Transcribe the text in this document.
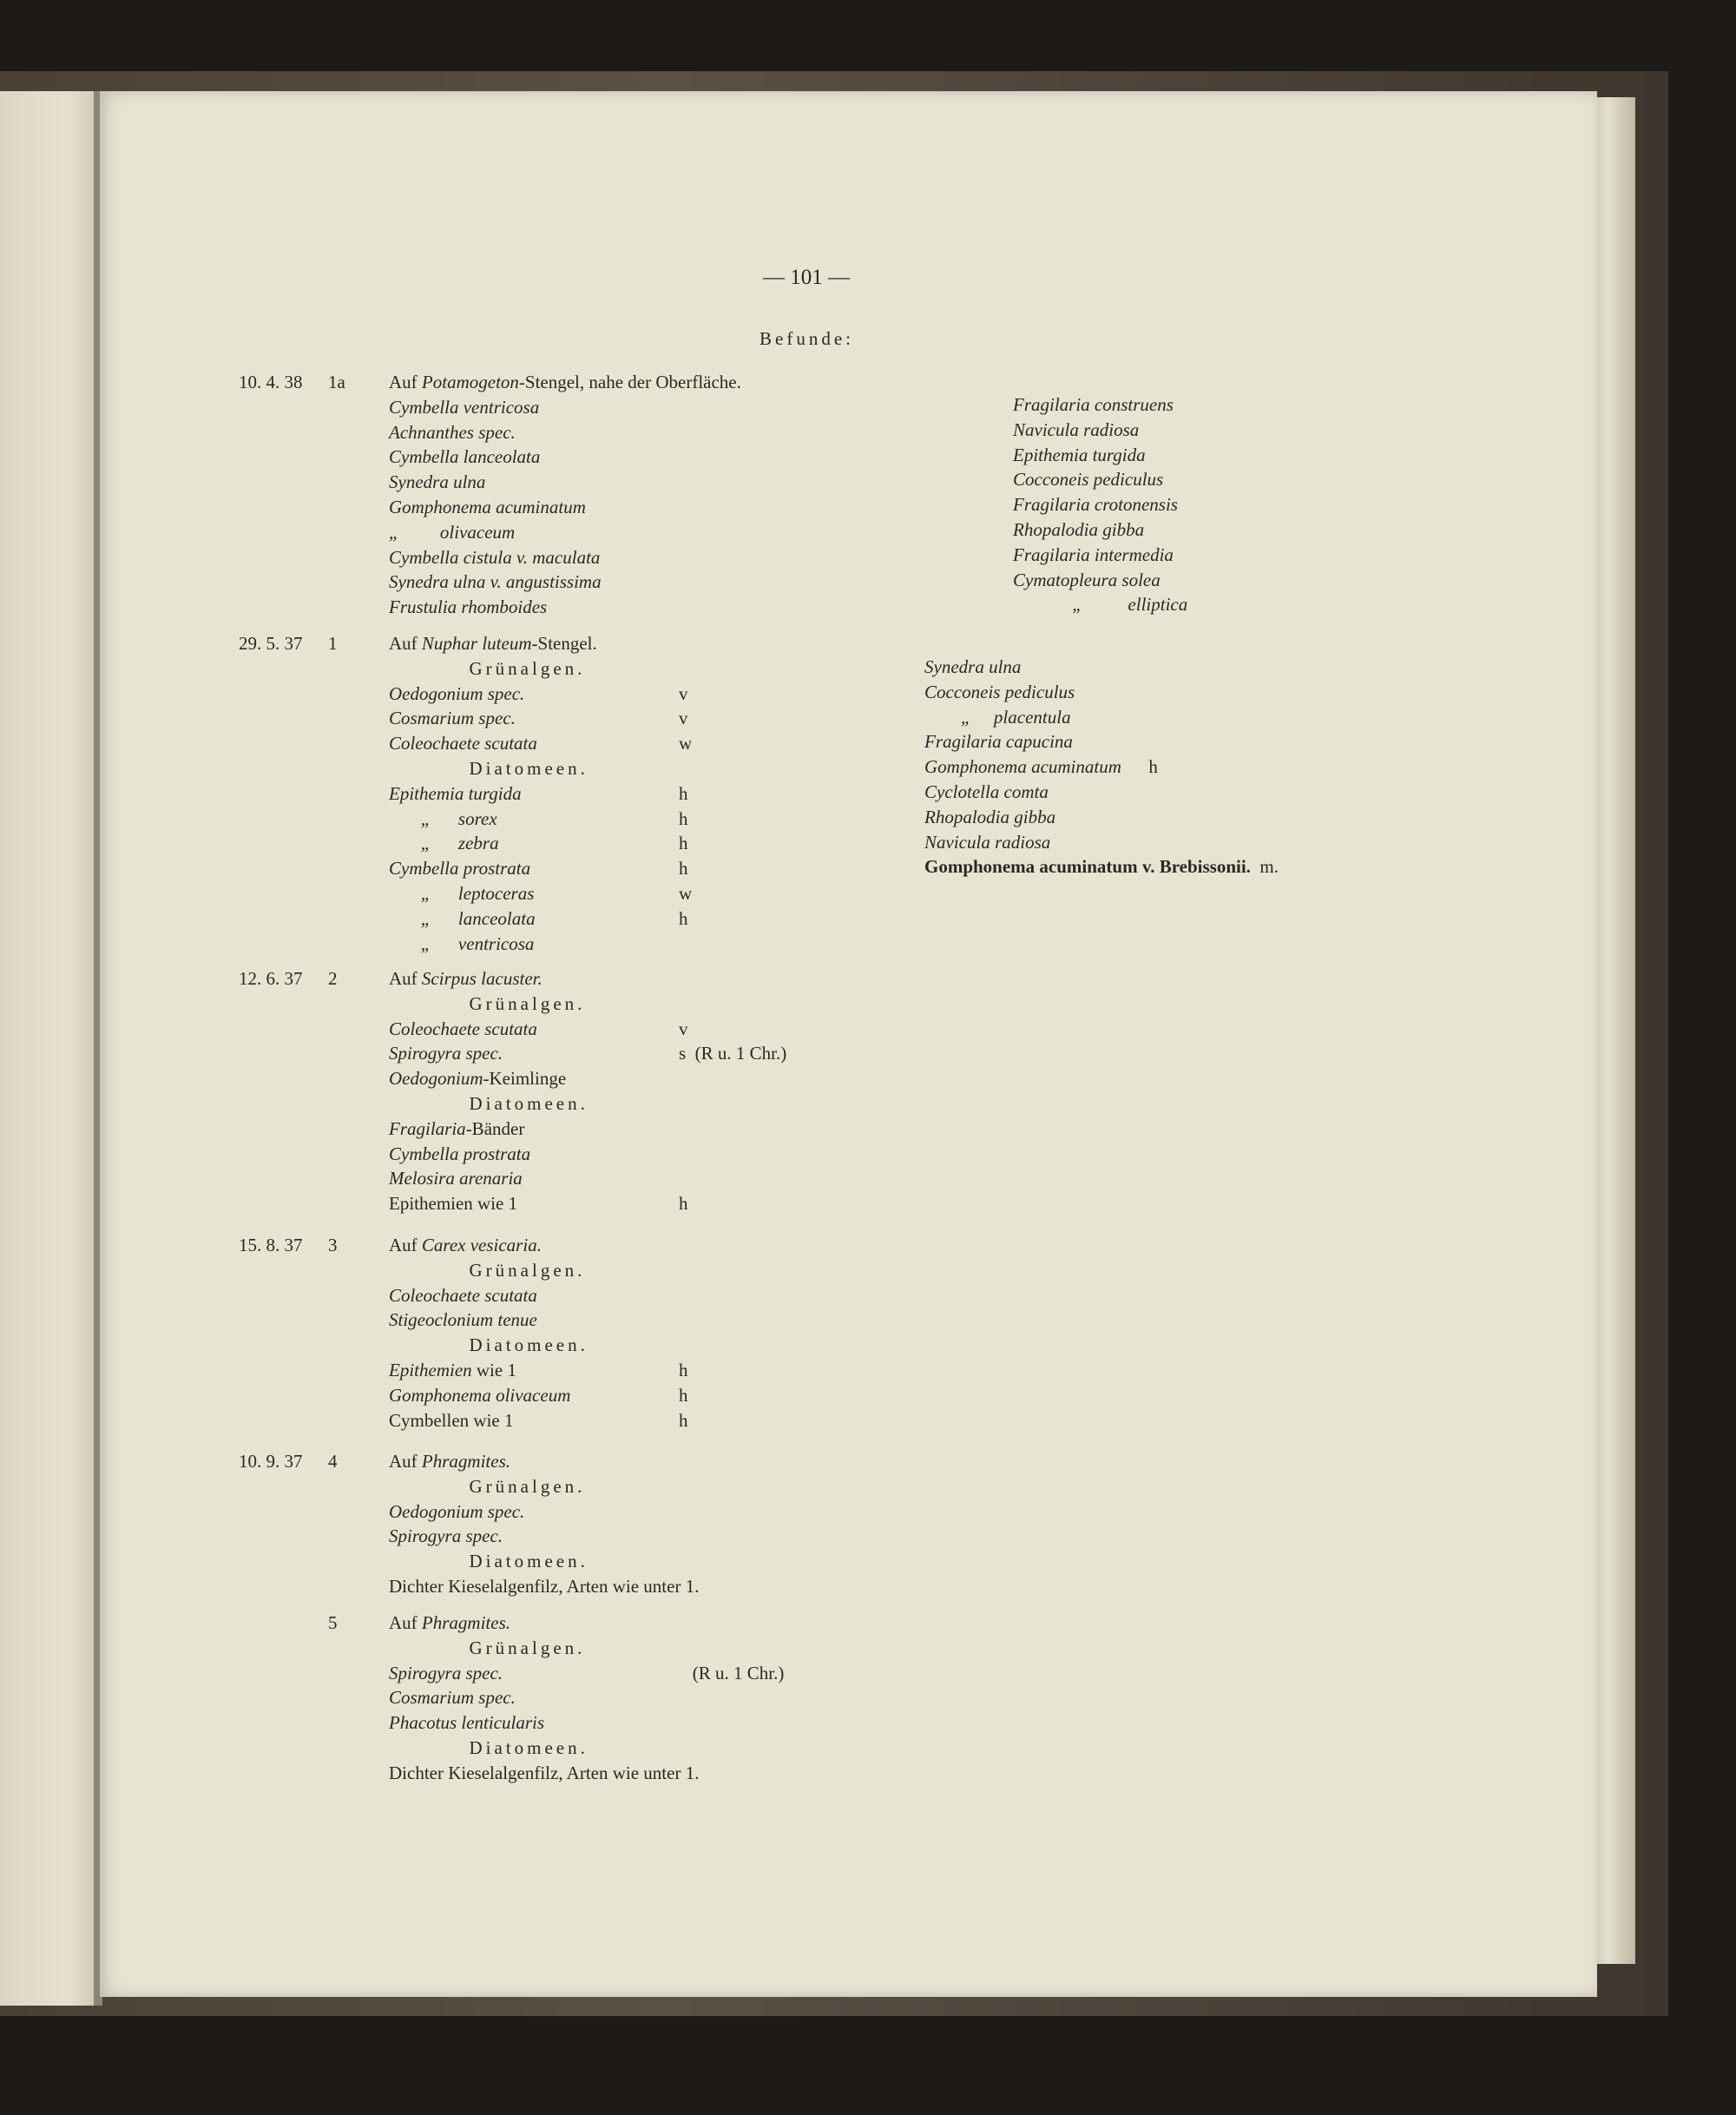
— 101 —
Befunde:
10. 4. 38 1a Auf Potamogeton-Stengel, nahe der Oberfläche.
Cymbella ventricosa
Achnanthes spec.
Cymbella lanceolata
Synedra ulna
Gomphonema acuminatum
„         olivaceum
Cymbella cistula v. maculata
Synedra ulna v. angustissima
Frustulia rhomboides
29. 5. 37 1	Auf Nuphar luteum-Stengel.
Grünalgen.
Oedogonium spec.	v
Cosmarium spec.	v
Coleochaete scutata	w
Diatomeen.
Epithemia turgida	h
„      sorex	h
„      zebra	h
Cymbella prostrata	h
„      leptoceras	w
„      lanceolata	h
„      ventricosa
12. 6. 37 2	Auf Scirpus lacuster.
Grünalgen.
Coleochaete scutata	v
Spirogyra spec.	s  (R u. 1 Chr.)
Oedogonium-Keimlinge
Diatomeen.
Fragilaria-Bänder
Cymbella prostrata
Melosira arenaria
Epithemien wie 1	h
15. 8. 37 3	Auf Carex vesicaria.
Grünalgen.
Coleochaete scutata
Stigeoclonium tenue
Diatomeen.
Epithemien wie 1	h
Gomphonema olivaceum	h
Cymbellen wie 1	h
10. 9. 37 4	Auf Phragmites.
Grünalgen.
Oedogonium spec.
Spirogyra spec.
Diatomeen.
Dichter Kieselalgenfilz, Arten wie unter 1.
5	Auf Phragmites.
Grünalgen.
Spirogyra spec.	(R u. 1 Chr.)
Cosmarium spec.
Phacotus lenticularis
Diatomeen.
Dichter Kieselalgenfilz, Arten wie unter 1.
Fragilaria construens
Navicula radiosa
Epithemia turgida
Cocconeis pediculus
Fragilaria crotonensis
Rhopalodia gibba
Fragilaria intermedia
Cymatopleura solea
„          elliptica
Synedra ulna
Cocconeis pediculus
„     placentula
Fragilaria capucina
Gomphonema acuminatum      h
Cyclotella comta
Rhopalodia gibba
Navicula radiosa
Gomphonema acuminatum v. Brebissonii.  m.
